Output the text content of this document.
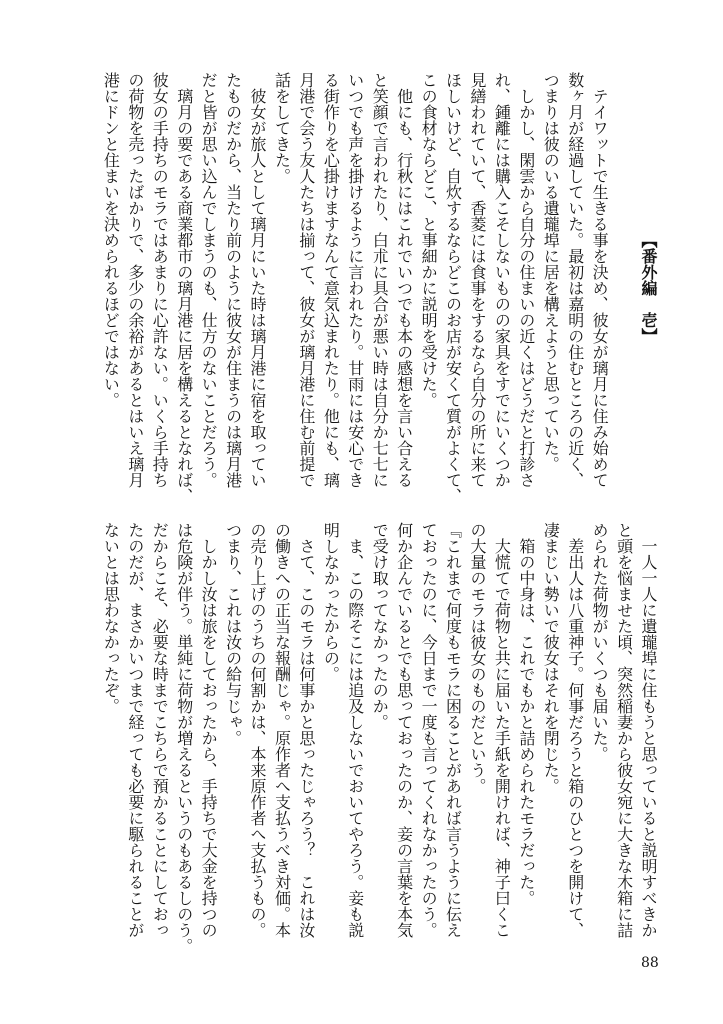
【番外編　壱】
　テイワットで生きる事を決め、彼女が璃月に住み始めて
数ヶ月が経過していた。最初は嘉明の住むところの近く、
つまりは彼のいる遺瓏埠に居を構えようと思っていた。
　しかし、閑雲から自分の住まいの近くはどうだと打診さ
れ、鍾離には購入こそしないものの家具をすでにいくつか
見繕われていて、香菱には食事をするなら自分の所に来て
ほしいけど、自炊するならどこのお店が安くて質がよくて、
この食材ならどこ、と事細かに説明を受けた。
　他にも、行秋にはこれでいつでも本の感想を言い合える
と笑顔で言われたり、白朮に具合が悪い時は自分か七七に
いつでも声を掛けるように言われたり。甘雨には安心でき
る街作りを心掛けますなんて意気込まれたり。他にも、璃
月港で会う友人たちは揃って、彼女が璃月港に住む前提で
話をしてきた。
　彼女が旅人として璃月にいた時は璃月港に宿を取ってい
たものだから、当たり前のように彼女が住まうのは璃月港
だと皆が思い込んでしまうのも、仕方のないことだろう。
　璃月の要である商業都市の璃月港に居を構えるとなれば、
彼女の手持ちのモラではあまりに心許ない。いくら手持ち
の荷物を売ったばかりで、多少の余裕があるとはいえ璃月
港にドンと住まいを決められるほどではない。
　一人一人に遺瓏埠に住もうと思っていると説明すべきか
と頭を悩ませた頃、突然稲妻から彼女宛に大きな木箱に詰
められた荷物がいくつも届いた。
　差出人は八重神子。何事だろうと箱のひとつを開けて、
凄まじい勢いで彼女はそれを閉じた。
　箱の中身は、これでもかと詰められたモラだった。
　大慌てで荷物と共に届いた手紙を開ければ、神子曰くこ
の大量のモラは彼女のものだという。
『これまで何度もモラに困ることがあれば言うように伝え
ておったのに、今日まで一度も言ってくれなかったのう。
何か企んでいるとでも思っておったのか、妾の言葉を本気
で受け取ってなかったのか。
　ま、この際そこには追及しないでおいてやろう。妾も説
明しなかったからの。
　さて、このモラは何事かと思ったじゃろう？　これは汝
の働きへの正当な報酬じゃ。原作者へ支払うべき対価。本
の売り上げのうちの何割かは、本来原作者へ支払うもの。
つまり、これは汝の給与じゃ。
　しかし汝は旅をしておったから、手持ちで大金を持つの
は危険が伴う。単純に荷物が増えるというのもあるしのう。
だからこそ、必要な時までこちらで預かることにしておっ
たのだが、まさかいつまで経っても必要に駆られることが
ないとは思わなかったぞ。
88
